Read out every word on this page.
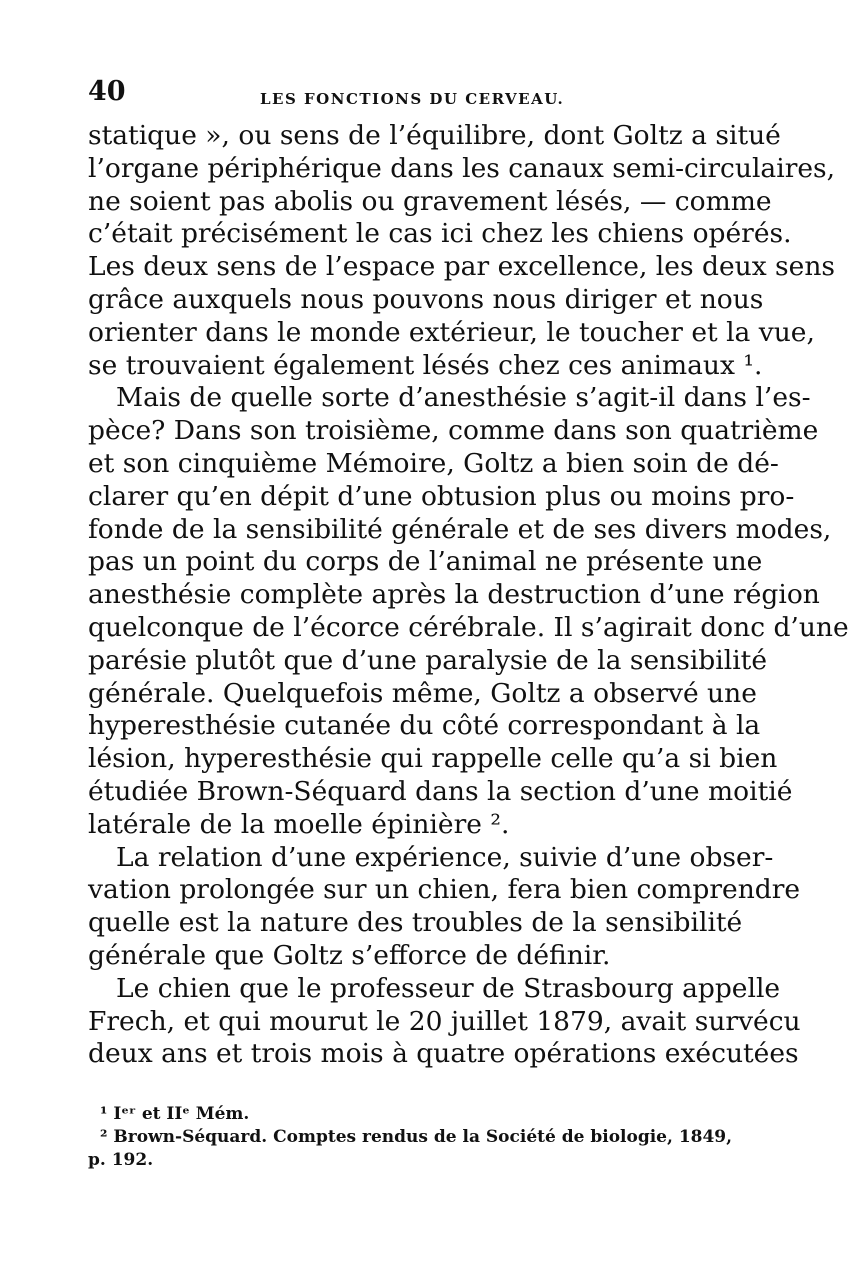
40	LES FONCTIONS DU CERVEAU.
statique », ou sens de l’équilibre, dont Goltz a situé
l’organe périphérique dans les canaux semi-circulaires,
ne soient pas abolis ou gravement lésés, — comme
c’était précisément le cas ici chez les chiens opérés.
Les deux sens de l’espace par excellence, les deux sens
grâce auxquels nous pouvons nous diriger et nous
orienter dans le monde extérieur, le toucher et la vue,
se trouvaient également lésés chez ces animaux ¹.
Mais de quelle sorte d’anesthésie s’agit-il dans l’es-
pèce? Dans son troisième, comme dans son quatrième
et son cinquième Mémoire, Goltz a bien soin de dé-
clarer qu’en dépit d’une obtusion plus ou moins pro-
fonde de la sensibilité générale et de ses divers modes,
pas un point du corps de l’animal ne présente une
anesthésie complète après la destruction d’une région
quelconque de l’écorce cérébrale. Il s’agirait donc d’une
parésie plutôt que d’une paralysie de la sensibilité
générale. Quelquefois même, Goltz a observé une
hyperesthésie cutanée du côté correspondant à la
lésion, hyperesthésie qui rappelle celle qu’a si bien
étudiée Brown-Séquard dans la section d’une moitié
latérale de la moelle épinière ².
La relation d’une expérience, suivie d’une obser-
vation prolongée sur un chien, fera bien comprendre
quelle est la nature des troubles de la sensibilité
générale que Goltz s’efforce de définir.
Le chien que le professeur de Strasbourg appelle
Frech, et qui mourut le 20 juillet 1879, avait survécu
deux ans et trois mois à quatre opérations exécutées
¹ Iᵉʳ et IIᵉ Mém.
² Brown-Séquard. Comptes rendus de la Société de biologie, 1849,
p. 192.
